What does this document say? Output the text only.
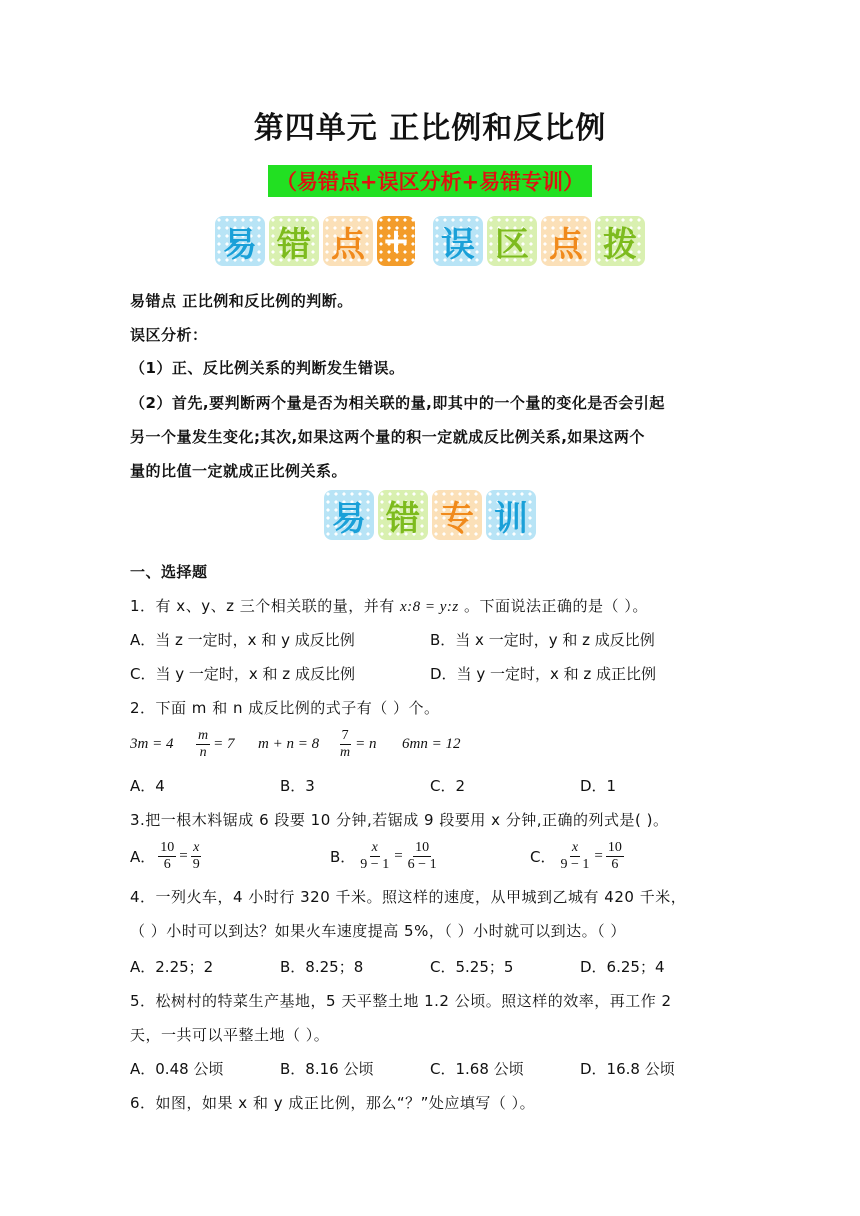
第四单元 正比例和反比例
（易错点+误区分析+易错专训）
易 错 点 + 误 区 点 拨
易错点 正比例和反比例的判断。
误区分析：
（1）正、反比例关系的判断发生错误。
（2）首先,要判断两个量是否为相关联的量,即其中的一个量的变化是否会引起
另一个量发生变化;其次,如果这两个量的积一定就成反比例关系,如果这两个
量的比值一定就成正比例关系。
易 错 专 训
一、选择题
1．有 x、y、z 三个相关联的量，并有 x:8 = y:z 。下面说法正确的是（ ）。
A．当 z 一定时，x 和 y 成反比例	B．当 x 一定时，y 和 z 成反比例
C．当 y 一定时，x 和 z 成反比例	D．当 y 一定时，x 和 z 成正比例
2．下面 m 和 n 成反比例的式子有（ ）个。
$3m = 4 \frac{m}{n} = 7$ $m + n = 8 \frac{7}{m} = n$ 6mn = 12
A．4	B．3	C．2	D．1
3.把一根木料锯成 6 段要 10 分钟,若锯成 9 段要用 x 分钟,正确的列式是( )。
A． $\frac{10}{6} = \frac{x}{9}$	B． $\frac{x}{9 - 1} = \frac{10}{6 - 1}$	C． $\frac{x}{9 - 1} = \frac{10}{6}$
4．一列火车，4 小时行 320 千米。照这样的速度，从甲城到乙城有 420 千米，
（ ）小时可以到达？如果火车速度提高 5%，（ ）小时就可以到达。（ ）
A．2.25；2	B．8.25；8	C．5.25；5	D．6.25；4
5．松树村的特菜生产基地，5 天平整土地 1.2 公顷。照这样的效率，再工作 2
天，一共可以平整土地（ ）。
A．0.48 公顷	B．8.16 公顷	C．1.68 公顷	D．16.8 公顷
6．如图，如果 x 和 y 成正比例，那么“？”处应填写（ ）。
